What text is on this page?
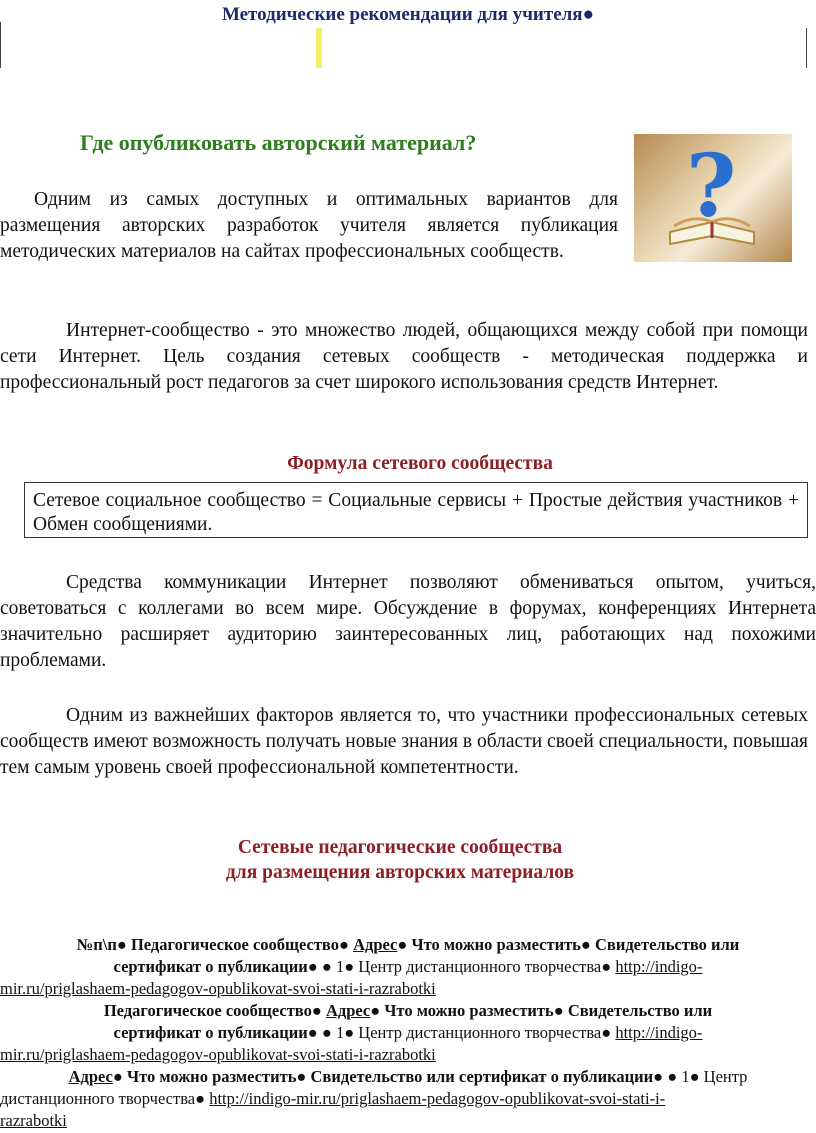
Методические рекомендации для учителя●
Где опубликовать авторский материал?
Одним из самых доступных и оптимальных вариантов для размещения авторских разработок учителя является публикация методических материалов на сайтах профессиональных сообществ.
?
Интернет-сообщество - это множество людей, общающихся между собой при помощи сети Интернет. Цель создания сетевых сообществ - методическая поддержка и профессиональный рост педагогов за счет широкого использования средств Интернет.
Формула сетевого сообщества
Сетевое социальное сообщество = Социальные сервисы + Простые действия участников + Обмен сообщениями.
Средства коммуникации Интернет позволяют обмениваться опытом, учиться, советоваться с коллегами во всем мире. Обсуждение в форумах, конференциях Интернета значительно расширяет аудиторию заинтересованных лиц, работающих над похожими проблемами.
Одним из важнейших факторов является то, что участники профессиональных сетевых сообществ имеют возможность получать новые знания в области своей специальности, повышая тем самым уровень своей профессиональной компетентности.
Сетевые педагогические сообщества
для размещения авторских материалов
№п\п● Педагогическое сообщество● Адрес● Что можно разместить● Свидетельство или
сертификат о публикации● ● 1● Центр дистанционного творчества● http://indigo-
mir.ru/priglashaem-pedagogov-opublikovat-svoi-stati-i-razrabotki
Педагогическое сообщество● Адрес● Что можно разместить● Свидетельство или
сертификат о публикации● ● 1● Центр дистанционного творчества● http://indigo-
mir.ru/priglashaem-pedagogov-opublikovat-svoi-stati-i-razrabotki
Адрес● Что можно разместить● Свидетельство или сертификат о публикации● ● 1● Центр
дистанционного творчества● http://indigo-mir.ru/priglashaem-pedagogov-opublikovat-svoi-stati-i-
razrabotki
